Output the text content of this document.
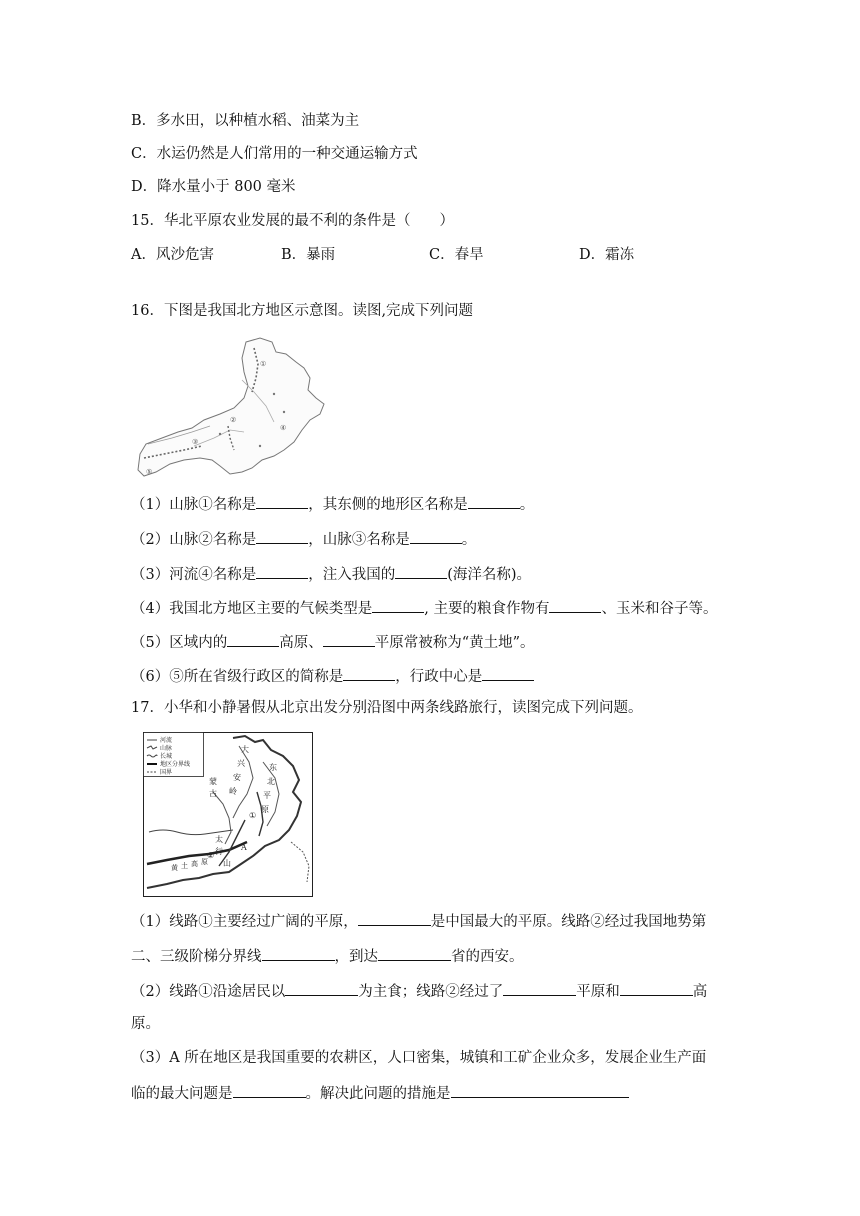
B．多水田，以种植水稻、油菜为主
C．水运仍然是人们常用的一种交通运输方式
D．降水量小于 800 毫米
15．华北平原农业发展的最不利的条件是（　　）
A．风沙危害	B．暴雨	C．春旱	D．霜冻
16．下图是我国北方地区示意图。读图,完成下列问题
①
②
③
④
⑤
（1）山脉①名称是	，其东侧的地形区名称是	。
（2）山脉②名称是	，山脉③名称是	。
（3）河流④名称是	，注入我国的	(海洋名称)。
（4）我国北方地区主要的气候类型是	, 主要的粮食作物有	、玉米和谷子等。
（5）区域内的	高原、	平原常被称为“黄土地”。
（6）⑤所在省级行政区的简称是	，行政中心是
17．小华和小静暑假从北京出发分别沿图中两条线路旅行，读图完成下列问题。
河流
山脉
长城
地区分界线
国界
大
兴
安
岭
东
北
平
原
蒙
古
太
行
山
黄 土 高 原
①
②
A
（1）线路①主要经过广阔的平原，	是中国最大的平原。线路②经过我国地势第
二、三级阶梯分界线	，到达	省的西安。
（2）线路①沿途居民以	为主食；线路②经过了	平原和	高
原。
（3）A 所在地区是我国重要的农耕区，人口密集，城镇和工矿企业众多，发展企业生产面
临的最大问题是	。解决此问题的措施是
